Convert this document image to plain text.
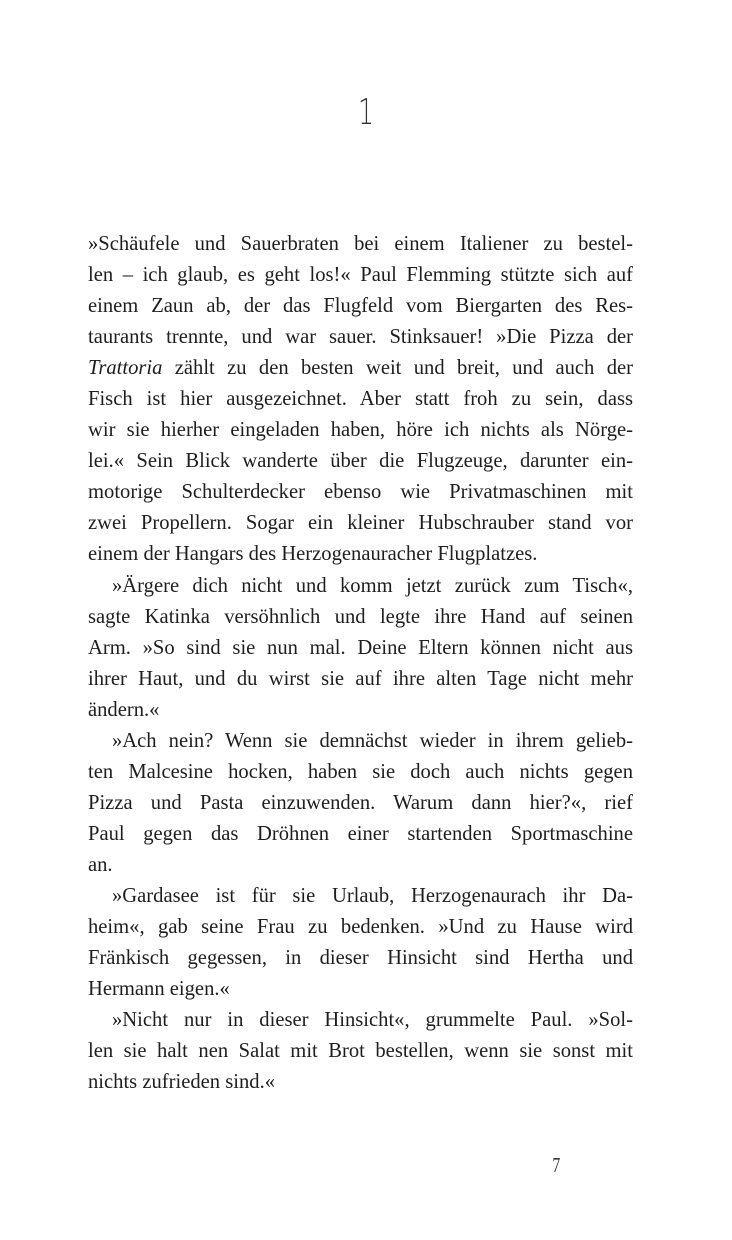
1
»Schäufele und Sauerbraten bei einem Italiener zu bestel-
len – ich glaub, es geht los!« Paul Flemming stützte sich auf
einem Zaun ab, der das Flugfeld vom Biergarten des Res-
taurants trennte, und war sauer. Stinksauer! »Die Pizza der
Trattoria zählt zu den besten weit und breit, und auch der
Fisch ist hier ausgezeichnet. Aber statt froh zu sein, dass
wir sie hierher eingeladen haben, höre ich nichts als Nörge-
lei.« Sein Blick wanderte über die Flugzeuge, darunter ein-
motorige Schulterdecker ebenso wie Privatmaschinen mit
zwei Propellern. Sogar ein kleiner Hubschrauber stand vor
einem der Hangars des Herzogenauracher Flugplatzes.
»Ärgere dich nicht und komm jetzt zurück zum Tisch«,
sagte Katinka versöhnlich und legte ihre Hand auf seinen
Arm. »So sind sie nun mal. Deine Eltern können nicht aus
ihrer Haut, und du wirst sie auf ihre alten Tage nicht mehr
ändern.«
»Ach nein? Wenn sie demnächst wieder in ihrem gelieb-
ten Malcesine hocken, haben sie doch auch nichts gegen
Pizza und Pasta einzuwenden. Warum dann hier?«, rief
Paul gegen das Dröhnen einer startenden Sportmaschine
an.
»Gardasee ist für sie Urlaub, Herzogenaurach ihr Da-
heim«, gab seine Frau zu bedenken. »Und zu Hause wird
Fränkisch gegessen, in dieser Hinsicht sind Hertha und
Hermann eigen.«
»Nicht nur in dieser Hinsicht«, grummelte Paul. »Sol-
len sie halt nen Salat mit Brot bestellen, wenn sie sonst mit
nichts zufrieden sind.«
7
